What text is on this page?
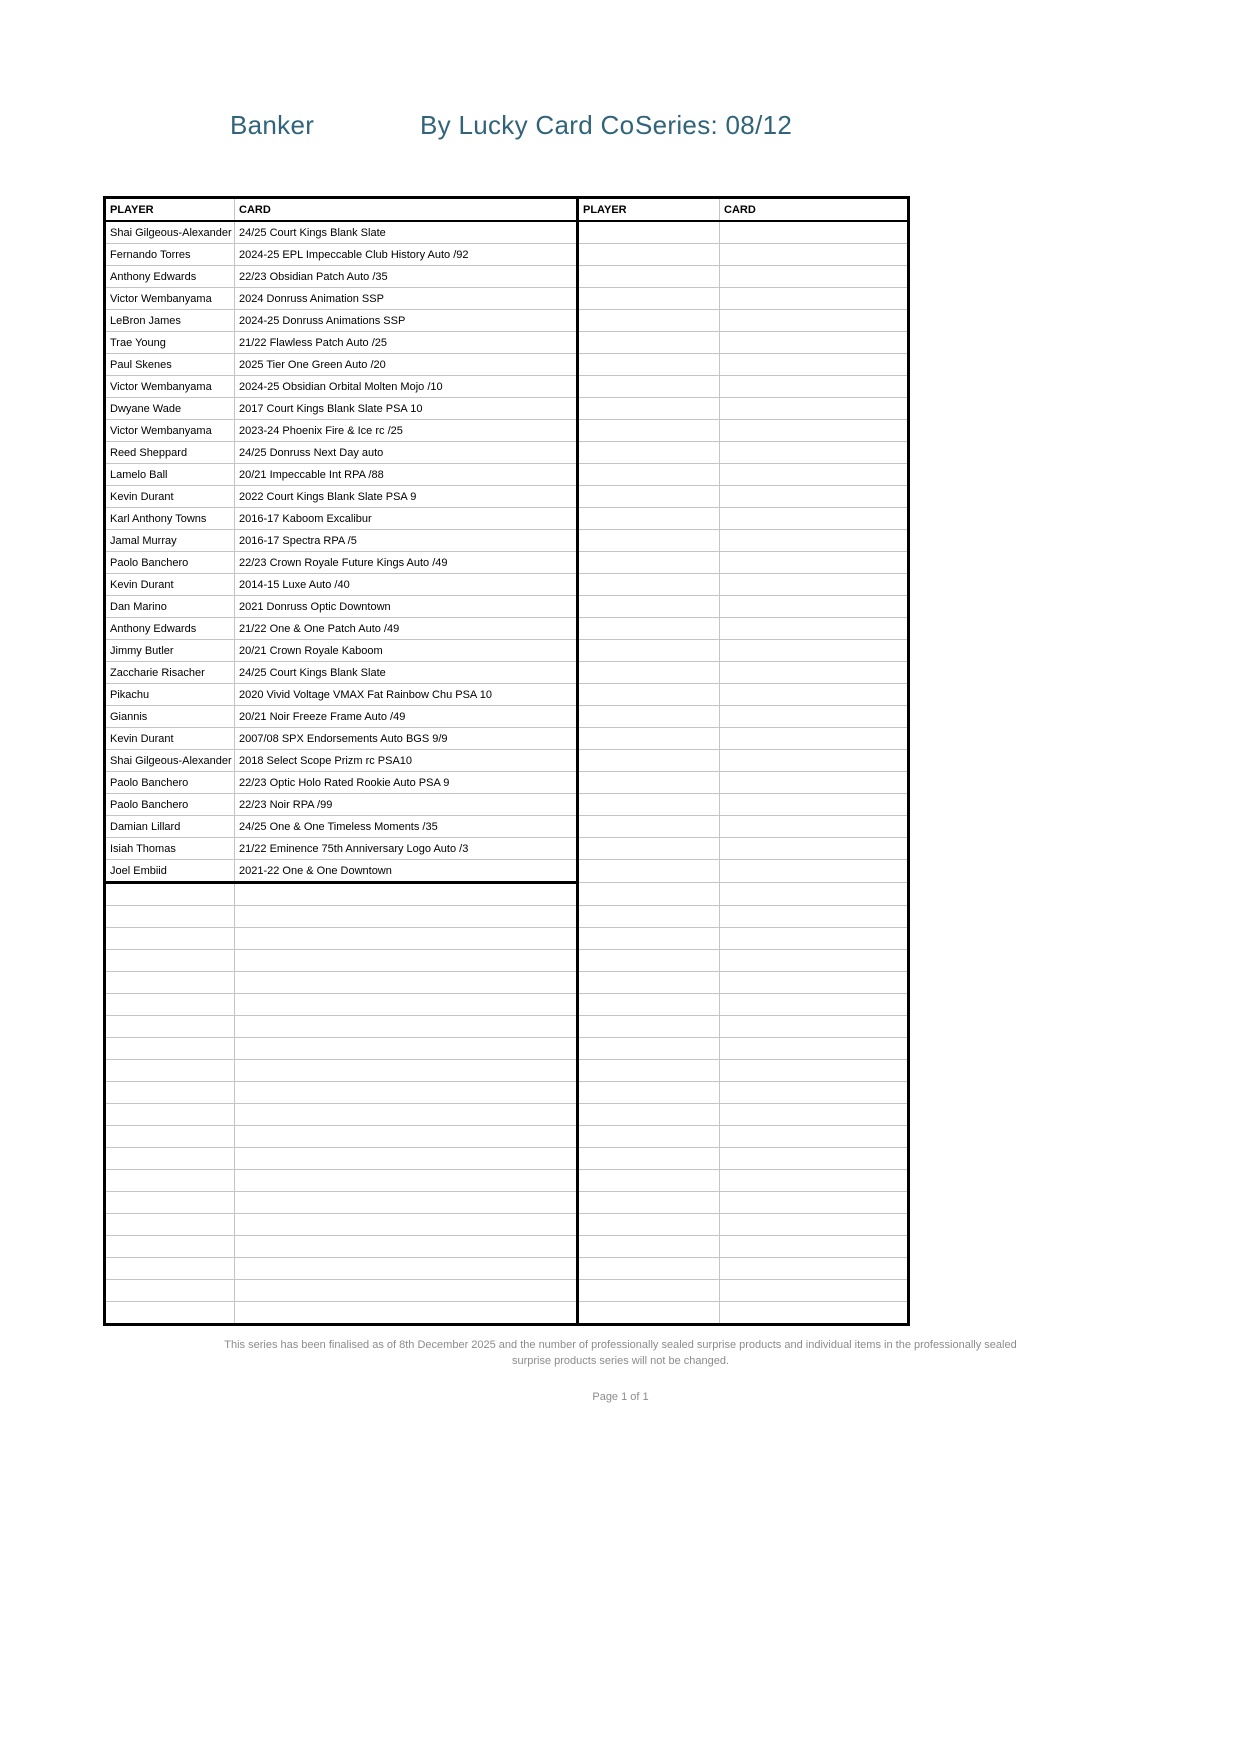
Banker	By Lucky Card Co Series: 08/12
PLAYER	CARD	PLAYER	CARD
Shai Gilgeous-Alexander	24/25 Court Kings Blank Slate		
Fernando Torres	2024-25 EPL Impeccable Club History Auto /92		
Anthony Edwards	22/23 Obsidian Patch Auto /35		
Victor Wembanyama	2024 Donruss Animation SSP		
LeBron James	2024-25 Donruss Animations SSP		
Trae Young	21/22 Flawless Patch Auto /25		
Paul Skenes	2025 Tier One Green Auto /20		
Victor Wembanyama	2024-25 Obsidian Orbital Molten Mojo /10		
Dwyane Wade	2017 Court Kings Blank Slate PSA 10		
Victor Wembanyama	2023-24 Phoenix Fire & Ice rc /25		
Reed Sheppard	24/25 Donruss Next Day auto		
Lamelo Ball	20/21 Impeccable Int RPA /88		
Kevin Durant	2022 Court Kings Blank Slate PSA 9		
Karl Anthony Towns	2016-17 Kaboom Excalibur		
Jamal Murray	2016-17 Spectra RPA /5		
Paolo Banchero	22/23 Crown Royale Future Kings Auto /49		
Kevin Durant	2014-15 Luxe Auto /40		
Dan Marino	2021 Donruss Optic Downtown		
Anthony Edwards	21/22 One & One Patch Auto /49		
Jimmy Butler	20/21 Crown Royale Kaboom		
Zaccharie Risacher	24/25 Court Kings Blank Slate		
Pikachu	2020 Vivid Voltage VMAX Fat Rainbow Chu PSA 10		
Giannis	20/21 Noir Freeze Frame Auto /49		
Kevin Durant	2007/08 SPX Endorsements Auto BGS 9/9		
Shai Gilgeous-Alexander	2018 Select Scope Prizm rc PSA10		
Paolo Banchero	22/23 Optic Holo Rated Rookie Auto PSA 9		
Paolo Banchero	22/23 Noir RPA /99		
Damian Lillard	24/25 One & One Timeless Moments /35		
Isiah Thomas	21/22 Eminence 75th Anniversary Logo Auto /3		
Joel Embiid	2021-22 One & One Downtown		

This series has been finalised as of 8th December 2025 and the number of professionally sealed surprise products and individual items in the professionally sealed surprise products series will not be changed.
Page 1 of 1
